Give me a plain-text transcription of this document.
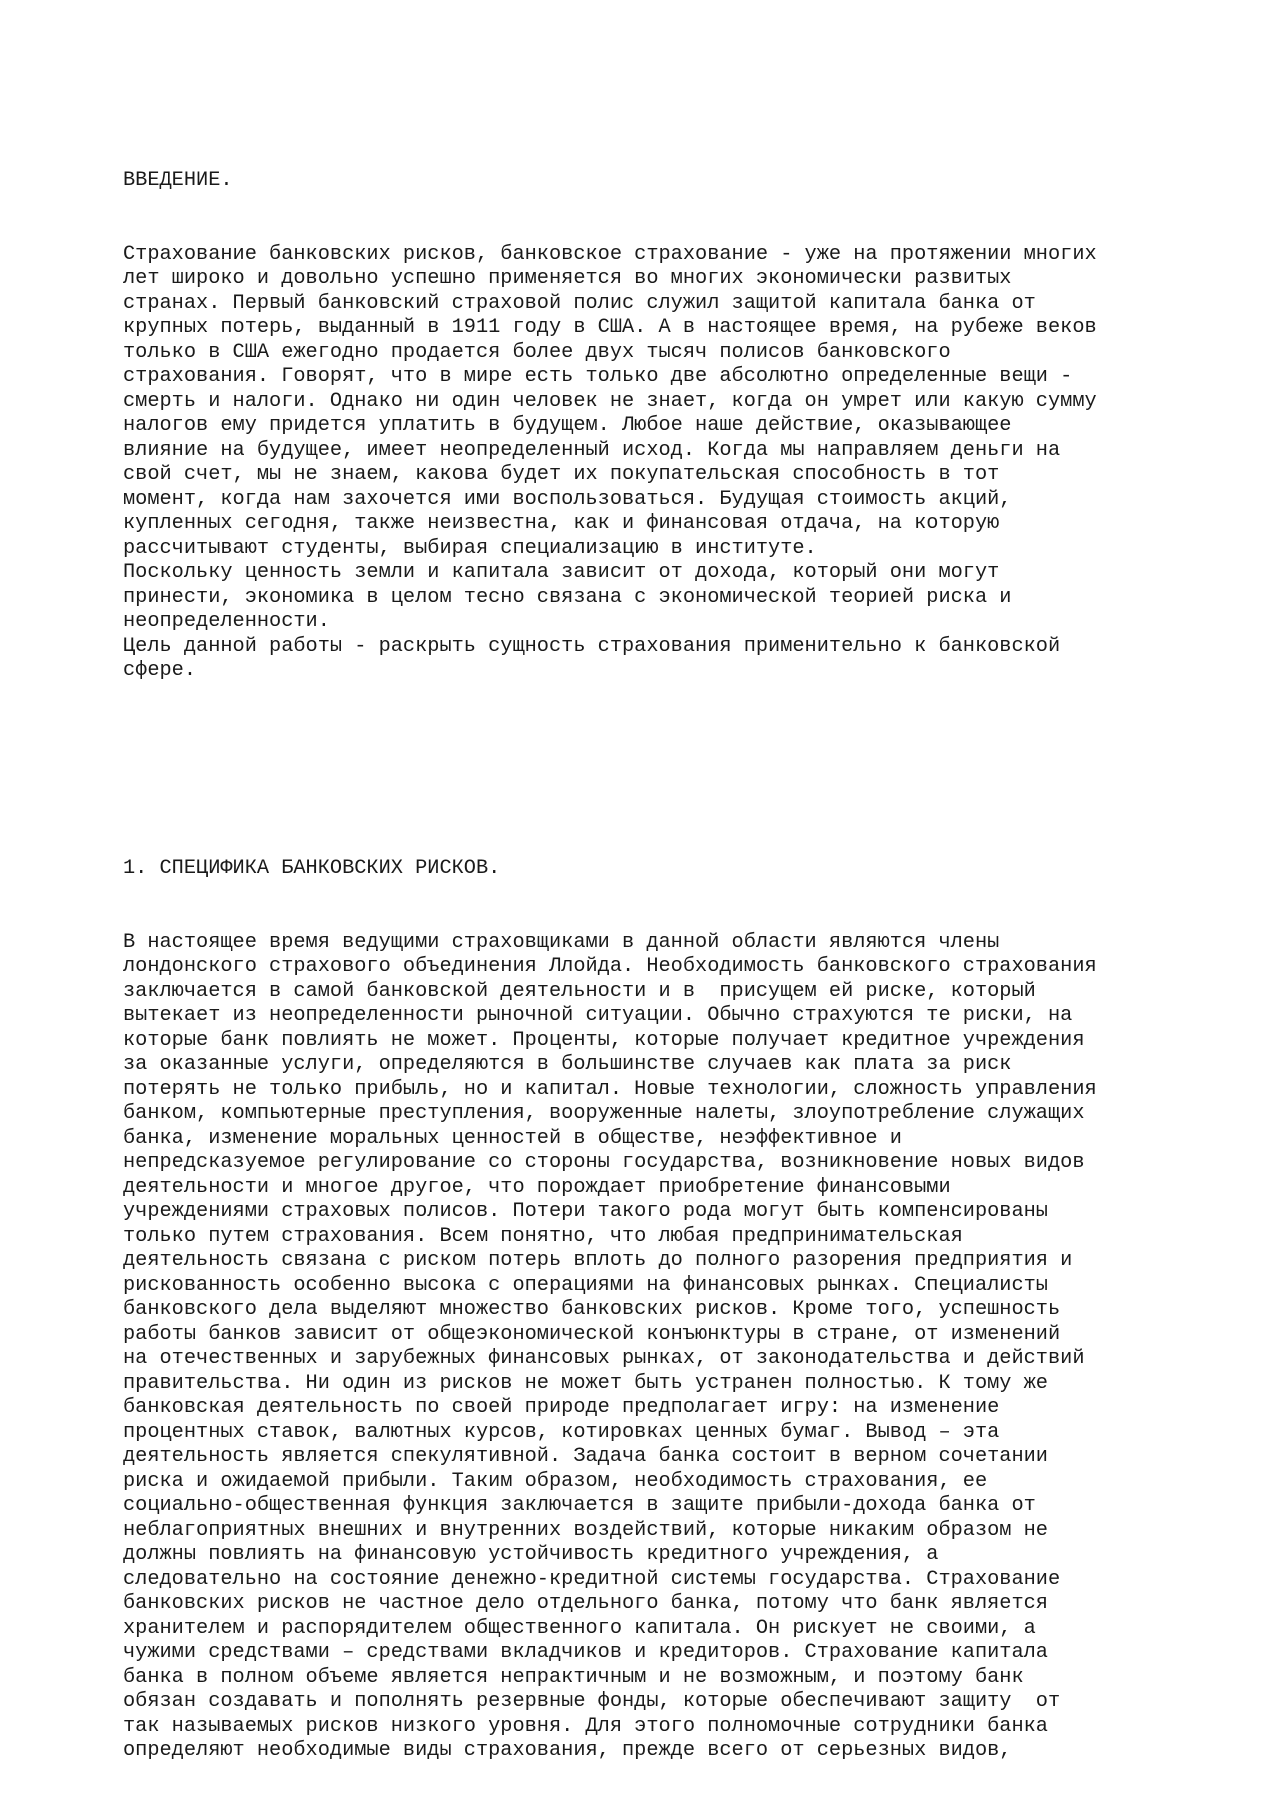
ВВЕДЕНИЕ.

Страхование банковских рисков, банковское страхование - уже на протяжении многих
лет широко и довольно успешно применяется во многих экономически развитых
странах. Первый банковский страховой полис служил защитой капитала банка от
крупных потерь, выданный в 1911 году в США. А в настоящее время, на рубеже веков
только в США ежегодно продается более двух тысяч полисов банковского
страхования. Говорят, что в мире есть только две абсолютно определенные вещи -
смерть и налоги. Однако ни один человек не знает, когда он умрет или какую сумму
налогов ему придется уплатить в будущем. Любое наше действие, оказывающее
влияние на будущее, имеет неопределенный исход. Когда мы направляем деньги на
свой счет, мы не знаем, какова будет их покупательская способность в тот
момент, когда нам захочется ими воспользоваться. Будущая стоимость акций,
купленных сегодня, также неизвестна, как и финансовая отдача, на которую
рассчитывают студенты, выбирая специализацию в институте.
Поскольку ценность земли и капитала зависит от дохода, который они могут
принести, экономика в целом тесно связана с экономической теорией риска и
неопределенности.
Цель данной работы - раскрыть сущность страхования применительно к банковской
сфере.

1. СПЕЦИФИКА БАНКОВСКИХ РИСКОВ.

В настоящее время ведущими страховщиками в данной области являются члены
лондонского страхового объединения Ллойда. Необходимость банковского страхования
заключается в самой банковской деятельности и в  присущем ей риске, который
вытекает из неопределенности рыночной ситуации. Обычно страхуются те риски, на
которые банк повлиять не может. Проценты, которые получает кредитное учреждения
за оказанные услуги, определяются в большинстве случаев как плата за риск
потерять не только прибыль, но и капитал. Новые технологии, сложность управления
банком, компьютерные преступления, вооруженные налеты, злоупотребление служащих
банка, изменение моральных ценностей в обществе, неэффективное и
непредсказуемое регулирование со стороны государства, возникновение новых видов
деятельности и многое другое, что порождает приобретение финансовыми
учреждениями страховых полисов. Потери такого рода могут быть компенсированы
только путем страхования. Всем понятно, что любая предпринимательская
деятельность связана с риском потерь вплоть до полного разорения предприятия и
рискованность особенно высока с операциями на финансовых рынках. Специалисты
банковского дела выделяют множество банковских рисков. Кроме того, успешность
работы банков зависит от общеэкономической конъюнктуры в стране, от изменений
на отечественных и зарубежных финансовых рынках, от законодательства и действий
правительства. Ни один из рисков не может быть устранен полностью. К тому же
банковская деятельность по своей природе предполагает игру: на изменение
процентных ставок, валютных курсов, котировках ценных бумаг. Вывод – эта
деятельность является спекулятивной. Задача банка состоит в верном сочетании
риска и ожидаемой прибыли. Таким образом, необходимость страхования, ее
социально-общественная функция заключается в защите прибыли-дохода банка от
неблагоприятных внешних и внутренних воздействий, которые никаким образом не
должны повлиять на финансовую устойчивость кредитного учреждения, а
следовательно на состояние денежно-кредитной системы государства. Страхование
банковских рисков не частное дело отдельного банка, потому что банк является
хранителем и распорядителем общественного капитала. Он рискует не своими, а
чужими средствами – средствами вкладчиков и кредиторов. Страхование капитала
банка в полном объеме является непрактичным и не возможным, и поэтому банк
обязан создавать и пополнять резервные фонды, которые обеспечивают защиту  от
так называемых рисков низкого уровня. Для этого полномочные сотрудники банка
определяют необходимые виды страхования, прежде всего от серьезных видов,
